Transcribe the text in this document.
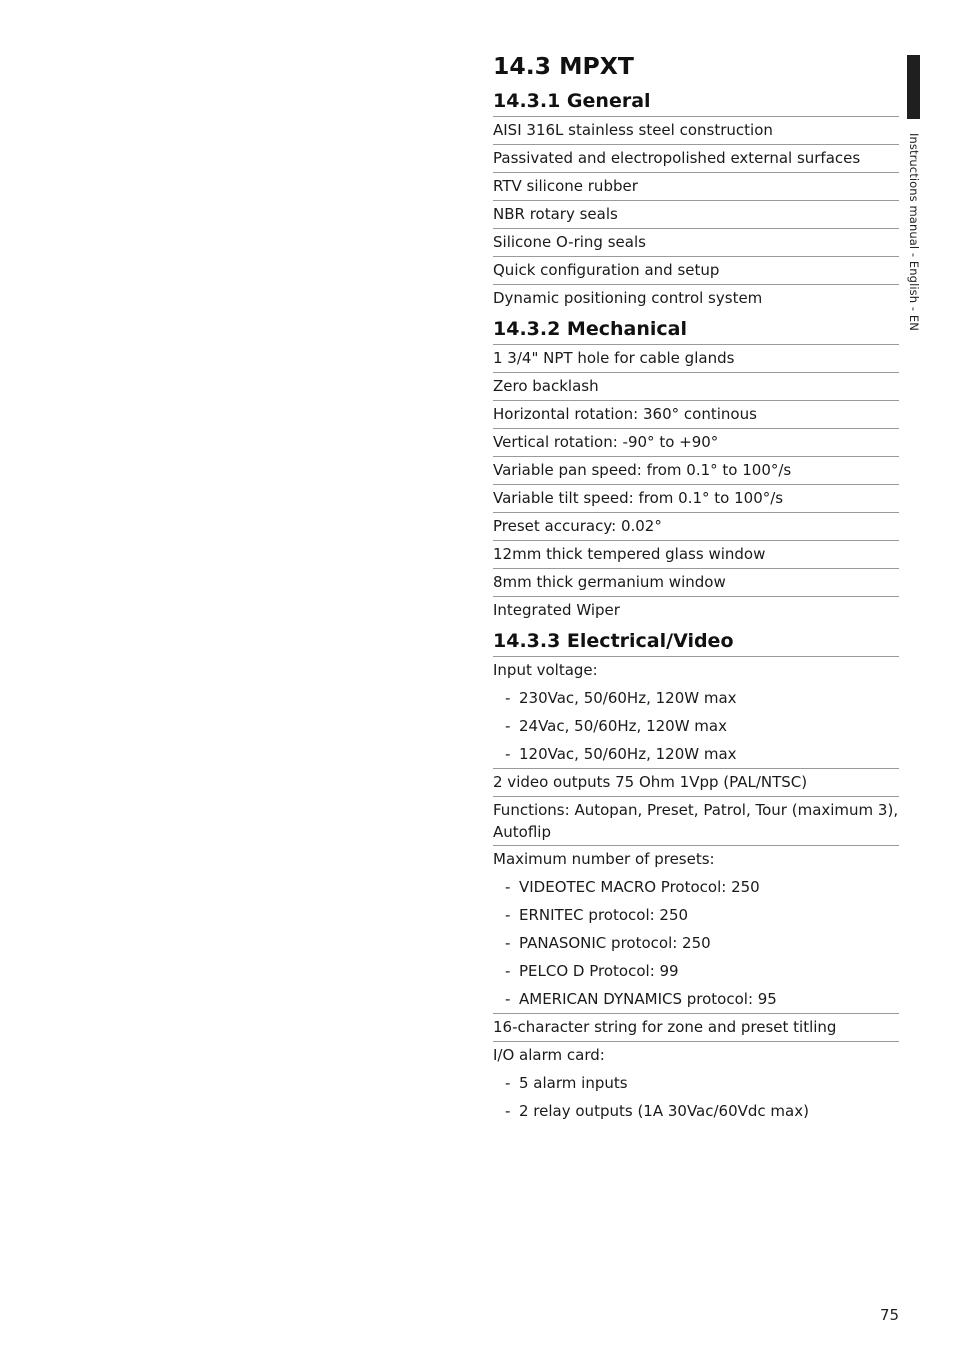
Instructions manual - English - EN
14.3 MPXT
14.3.1 General
AISI 316L stainless steel construction
Passivated and electropolished external surfaces
RTV silicone rubber
NBR rotary seals
Silicone O-ring seals
Quick configuration and setup
Dynamic positioning control system
14.3.2 Mechanical
1 3/4" NPT hole for cable glands
Zero backlash
Horizontal rotation: 360° continous
Vertical rotation: -90° to +90°
Variable pan speed: from 0.1° to 100°/s
Variable tilt speed: from 0.1° to 100°/s
Preset accuracy: 0.02°
12mm thick tempered glass window
8mm thick germanium window
Integrated Wiper
14.3.3 Electrical/Video
Input voltage:
- 230Vac, 50/60Hz, 120W max
- 24Vac, 50/60Hz, 120W max
- 120Vac, 50/60Hz, 120W max
2 video outputs 75 Ohm 1Vpp (PAL/NTSC)
Functions: Autopan, Preset, Patrol, Tour (maximum 3), Autoflip
Maximum number of presets:
- VIDEOTEC MACRO Protocol: 250
- ERNITEC protocol: 250
- PANASONIC protocol: 250
- PELCO D Protocol: 99
- AMERICAN DYNAMICS protocol: 95
16-character string for zone and preset titling
I/O alarm card:
- 5 alarm inputs
- 2 relay outputs (1A 30Vac/60Vdc max)
75
